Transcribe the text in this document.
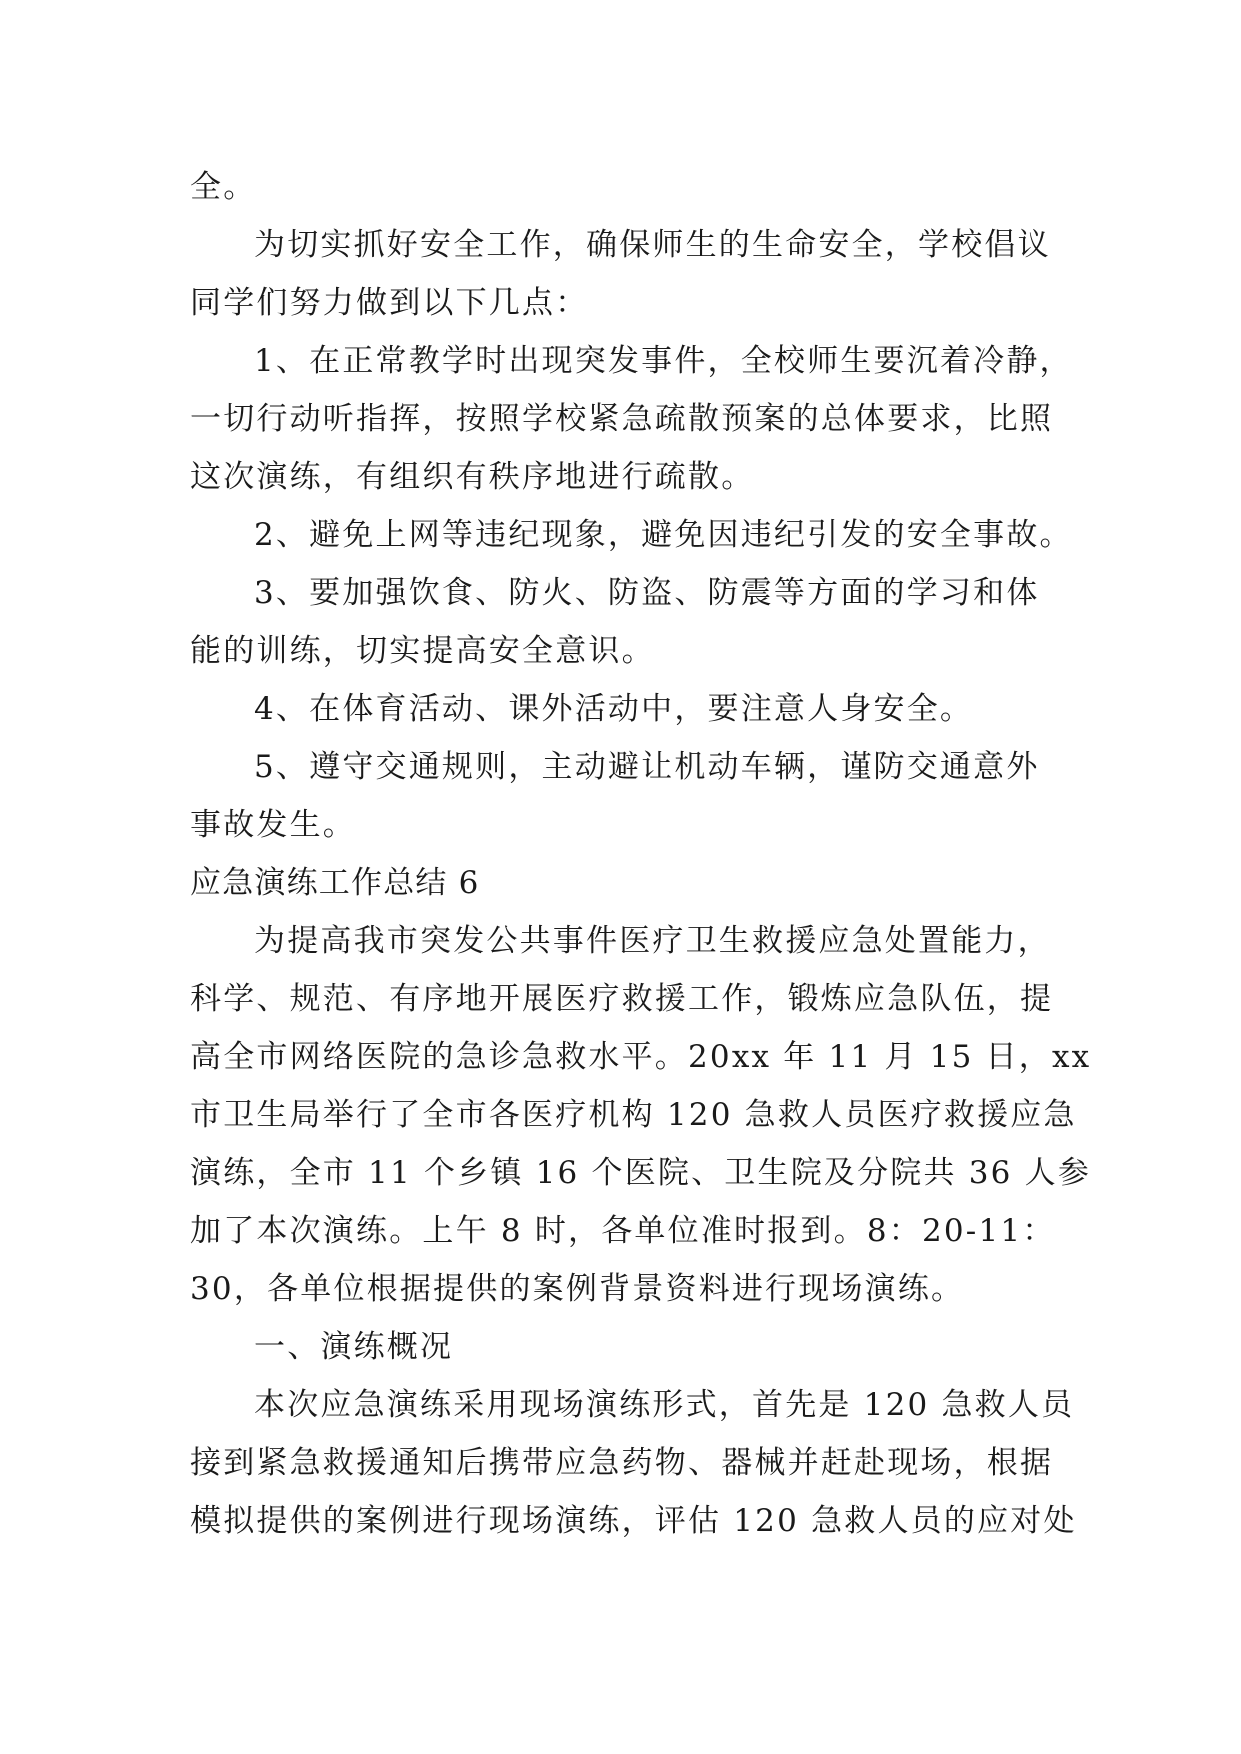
全。
为切实抓好安全工作，确保师生的生命安全，学校倡议
同学们努力做到以下几点：
1、在正常教学时出现突发事件，全校师生要沉着冷静，
一切行动听指挥，按照学校紧急疏散预案的总体要求，比照
这次演练，有组织有秩序地进行疏散。
2、避免上网等违纪现象，避免因违纪引发的安全事故。
3、要加强饮食、防火、防盗、防震等方面的学习和体
能的训练，切实提高安全意识。
4、在体育活动、课外活动中，要注意人身安全。
5、遵守交通规则，主动避让机动车辆，谨防交通意外
事故发生。
应急演练工作总结 6
为提高我市突发公共事件医疗卫生救援应急处置能力，
科学、规范、有序地开展医疗救援工作，锻炼应急队伍，提
高全市网络医院的急诊急救水平。20xx 年 11 月 15 日，xx
市卫生局举行了全市各医疗机构 120 急救人员医疗救援应急
演练，全市 11 个乡镇 16 个医院、卫生院及分院共 36 人参
加了本次演练。上午 8 时，各单位准时报到。8：20-11：
30，各单位根据提供的案例背景资料进行现场演练。
一、演练概况
本次应急演练采用现场演练形式，首先是 120 急救人员
接到紧急救援通知后携带应急药物、器械并赶赴现场，根据
模拟提供的案例进行现场演练，评估 120 急救人员的应对处
